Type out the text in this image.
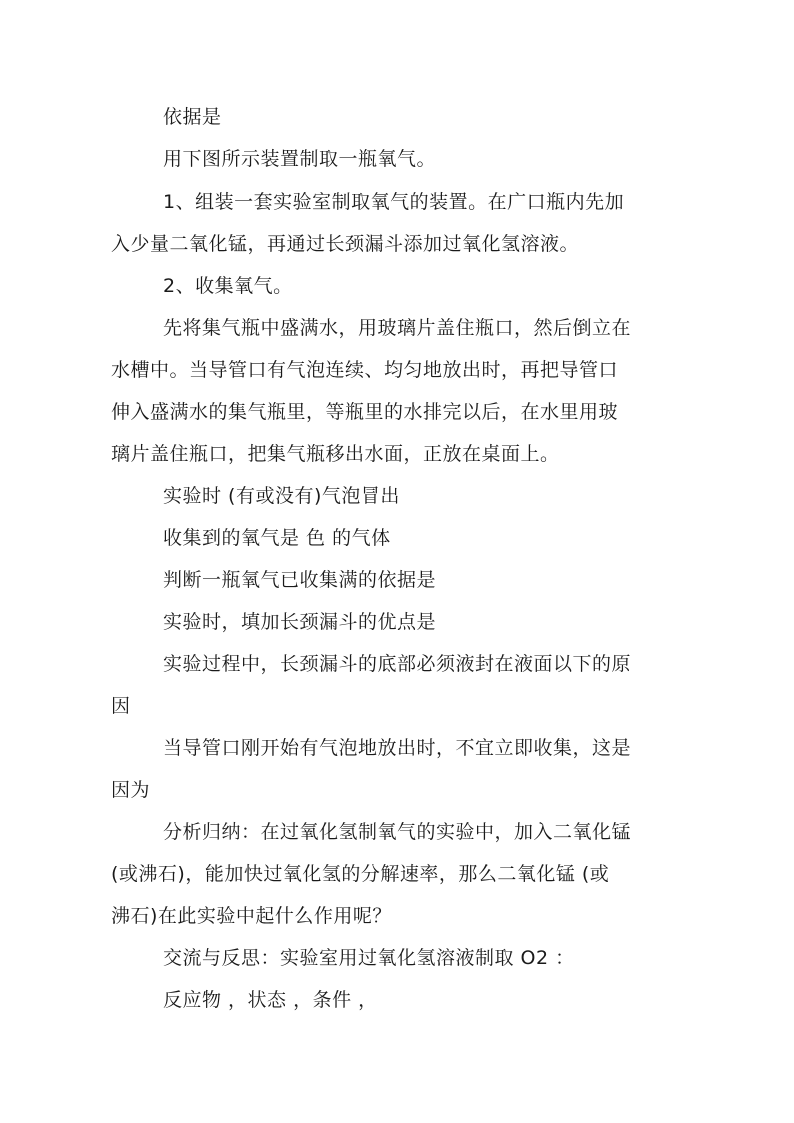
依据是
用下图所示装置制取一瓶氧气。
1、组装一套实验室制取氧气的装置。在广口瓶内先加
入少量二氧化锰，再通过长颈漏斗添加过氧化氢溶液。
2、收集氧气。
先将集气瓶中盛满水，用玻璃片盖住瓶口，然后倒立在
水槽中。当导管口有气泡连续、均匀地放出时，再把导管口
伸入盛满水的集气瓶里，等瓶里的水排完以后，在水里用玻
璃片盖住瓶口，把集气瓶移出水面，正放在桌面上。
实验时 (有或没有)气泡冒出
收集到的氧气是 色 的气体
判断一瓶氧气已收集满的依据是
实验时，填加长颈漏斗的优点是
实验过程中，长颈漏斗的底部必须液封在液面以下的原
因
当导管口刚开始有气泡地放出时，不宜立即收集，这是
因为
分析归纳：在过氧化氢制氧气的实验中，加入二氧化锰
(或沸石)，能加快过氧化氢的分解速率，那么二氧化锰 (或
沸石)在此实验中起什么作用呢？
交流与反思：实验室用过氧化氢溶液制取 O2 ：
反应物 ，状态 ，条件 ，
